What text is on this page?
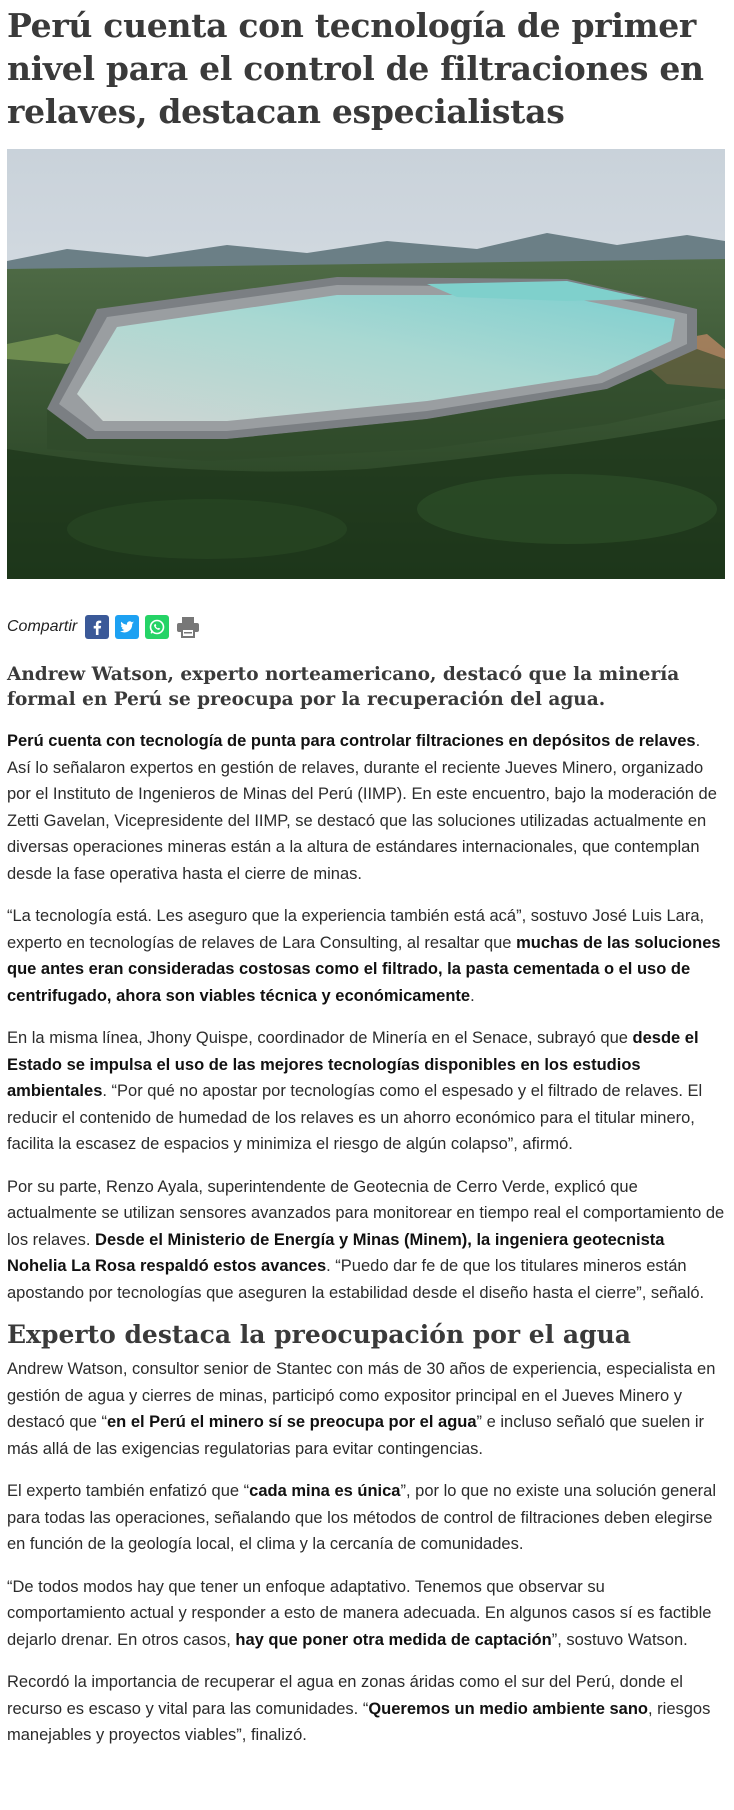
Perú cuenta con tecnología de primer nivel para el control de filtraciones en relaves, destacan especialistas
Compartir

Andrew Watson, experto norteamericano, destacó que la minería formal en Perú se preocupa por la recuperación del agua.

Perú cuenta con tecnología de punta para controlar filtraciones en depósitos de relaves. Así lo señalaron expertos en gestión de relaves, durante el reciente Jueves Minero, organizado por el Instituto de Ingenieros de Minas del Perú (IIMP). En este encuentro, bajo la moderación de Zetti Gavelan, Vicepresidente del IIMP, se destacó que las soluciones utilizadas actualmente en diversas operaciones mineras están a la altura de estándares internacionales, que contemplan desde la fase operativa hasta el cierre de minas.

“La tecnología está. Les aseguro que la experiencia también está acá”, sostuvo José Luis Lara, experto en tecnologías de relaves de Lara Consulting, al resaltar que muchas de las soluciones que antes eran consideradas costosas como el filtrado, la pasta cementada o el uso de centrifugado, ahora son viables técnica y económicamente.

En la misma línea, Jhony Quispe, coordinador de Minería en el Senace, subrayó que desde el Estado se impulsa el uso de las mejores tecnologías disponibles en los estudios ambientales. “Por qué no apostar por tecnologías como el espesado y el filtrado de relaves. El reducir el contenido de humedad de los relaves es un ahorro económico para el titular minero, facilita la escasez de espacios y minimiza el riesgo de algún colapso”, afirmó.

Por su parte, Renzo Ayala, superintendente de Geotecnia de Cerro Verde, explicó que actualmente se utilizan sensores avanzados para monitorear en tiempo real el comportamiento de los relaves. Desde el Ministerio de Energía y Minas (Minem), la ingeniera geotecnista Nohelia La Rosa respaldó estos avances. “Puedo dar fe de que los titulares mineros están apostando por tecnologías que aseguren la estabilidad desde el diseño hasta el cierre”, señaló.

Experto destaca la preocupación por el agua

Andrew Watson, consultor senior de Stantec con más de 30 años de experiencia, especialista en gestión de agua y cierres de minas, participó como expositor principal en el Jueves Minero y destacó que “en el Perú el minero sí se preocupa por el agua” e incluso señaló que suelen ir más allá de las exigencias regulatorias para evitar contingencias.

El experto también enfatizó que “cada mina es única”, por lo que no existe una solución general para todas las operaciones, señalando que los métodos de control de filtraciones deben elegirse en función de la geología local, el clima y la cercanía de comunidades.

“De todos modos hay que tener un enfoque adaptativo. Tenemos que observar su comportamiento actual y responder a esto de manera adecuada. En algunos casos sí es factible dejarlo drenar. En otros casos, hay que poner otra medida de captación”, sostuvo Watson.

Recordó la importancia de recuperar el agua en zonas áridas como el sur del Perú, donde el recurso es escaso y vital para las comunidades. “Queremos un medio ambiente sano, riesgos manejables y proyectos viables”, finalizó.
